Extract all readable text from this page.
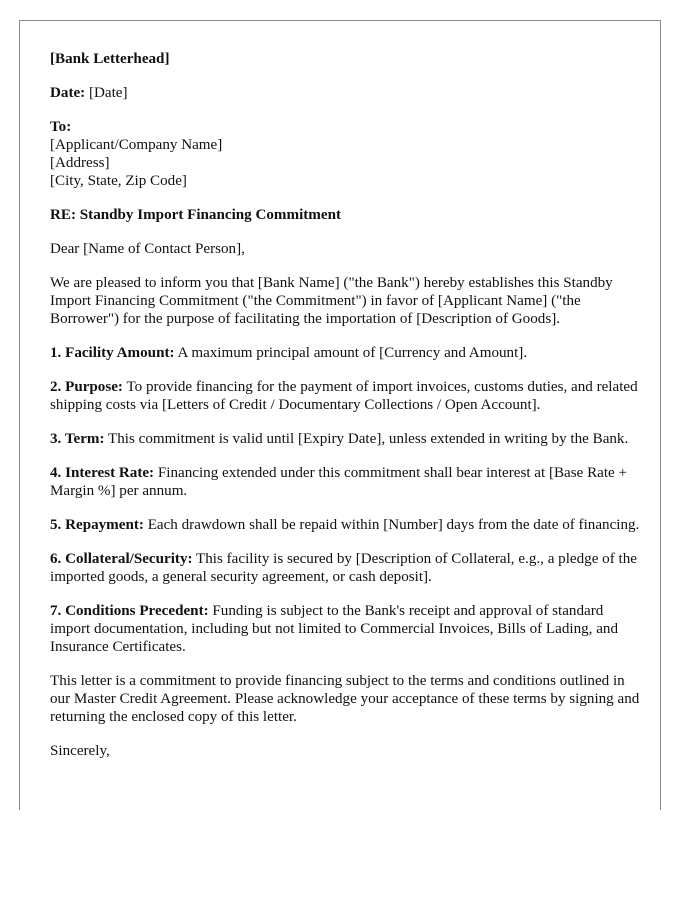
[Bank Letterhead]

Date: [Date]

To:
[Applicant/Company Name]
[Address]
[City, State, Zip Code]

RE: Standby Import Financing Commitment

Dear [Name of Contact Person],

We are pleased to inform you that [Bank Name] ("the Bank") hereby establishes this Standby Import Financing Commitment ("the Commitment") in favor of [Applicant Name] ("the Borrower") for the purpose of facilitating the importation of [Description of Goods].

1. Facility Amount: A maximum principal amount of [Currency and Amount].

2. Purpose: To provide financing for the payment of import invoices, customs duties, and related shipping costs via [Letters of Credit / Documentary Collections / Open Account].

3. Term: This commitment is valid until [Expiry Date], unless extended in writing by the Bank.

4. Interest Rate: Financing extended under this commitment shall bear interest at [Base Rate + Margin %] per annum.

5. Repayment: Each drawdown shall be repaid within [Number] days from the date of financing.

6. Collateral/Security: This facility is secured by [Description of Collateral, e.g., a pledge of the imported goods, a general security agreement, or cash deposit].

7. Conditions Precedent: Funding is subject to the Bank's receipt and approval of standard import documentation, including but not limited to Commercial Invoices, Bills of Lading, and Insurance Certificates.

This letter is a commitment to provide financing subject to the terms and conditions outlined in our Master Credit Agreement. Please acknowledge your acceptance of these terms by signing and returning the enclosed copy of this letter.

Sincerely,
